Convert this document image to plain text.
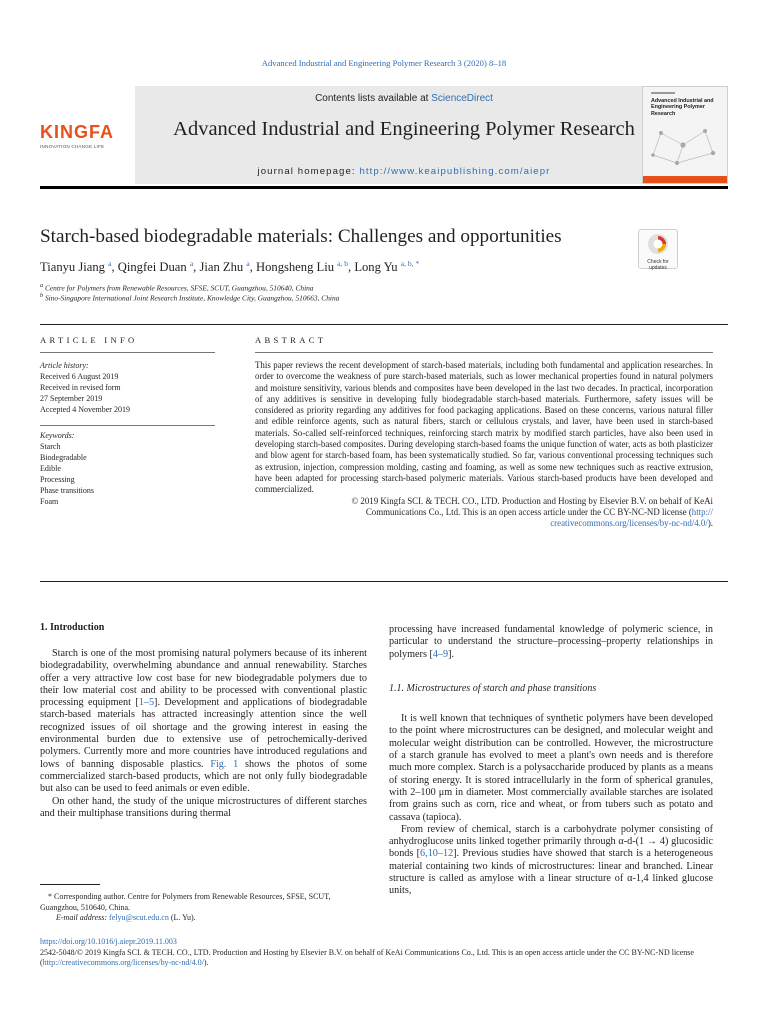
Advanced Industrial and Engineering Polymer Research 3 (2020) 8–18
KINGFA
INNOVATION CHANGE LIFE
Contents lists available at ScienceDirect
Advanced Industrial and Engineering Polymer Research
journal homepage: http://www.keaipublishing.com/aiepr
Advanced Industrial and Engineering Polymer Research
Starch-based biodegradable materials: Challenges and opportunities
Check for updates
Tianyu Jiang $^a$, Qingfei Duan $^a$, Jian Zhu $^a$, Hongsheng Liu $^{a, b}$, Long Yu $^{a, b, *}$
$^a$ Centre for Polymers from Renewable Resources, SFSE, SCUT, Guangzhou, 510640, China
$^b$ Sino-Singapore International Joint Research Institute, Knowledge City, Guangzhou, 510663, China
ARTICLE INFO	ABSTRACT
Article history:
Received 6 August 2019
Received in revised form
27 September 2019
Accepted 4 November 2019
Keywords:
Starch
Biodegradable
Edible
Processing
Phase transitions
Foam

This paper reviews the recent development of starch-based materials, including both fundamental and application researches. In order to overcome the weakness of pure starch-based materials, such as lower mechanical properties found in natural polymers and moisture sensitivity, various blends and composites have been developed in the last two decades. In practical, incorporation of any additives is sensitive in developing fully biodegradable starch-based materials. Furthermore, safety issues will be considered as priority regarding any additives for food packaging applications. Based on these concerns, various natural filler and edible reinforce agents, such as natural fibers, starch or cellulous crystals, and laver, have been used in starch-based materials. So-called self-reinforced techniques, reinforcing starch matrix by modified starch particles, have also been used in developing starch-based composites. During developing starch-based foams the unique function of water, acts as both plasticizer and blow agent for starch-based foam, has been systematically studied. So far, various conventional processing techniques such as extrusion, injection, compression molding, casting and foaming, as well as some new techniques such as reactive extrusion, have been adapted for processing starch-based polymeric materials. Various starch-based products have been developed and commercialized.

© 2019 Kingfa SCI. & TECH. CO., LTD. Production and Hosting by Elsevier B.V. on behalf of KeAi

Communications Co., Ltd. This is an open access article under the CC BY-NC-ND license (http://

creativecommons.org/licenses/by-nc-nd/4.0/).

1. Introduction

Starch is one of the most promising natural polymers because of its inherent biodegradability, overwhelming abundance and annual renewability. Starches offer a very attractive low cost base for new biodegradable polymers due to their low material cost and ability to be processed with conventional plastic processing equipment [1–5]. Development and applications of biodegradable starch-based materials has attracted increasingly attention since the well recognized issues of oil shortage and the growing interest in easing the environmental burden due to extensive use of petrochemically-derived polymers. Currently more and more countries have introduced regulations and lows of banning disposable plastics. Fig. 1 shows the photos of some commercialized starch-based products, which are not only fully biodegradable but also can be used to feed animals or even edible.

On other hand, the study of the unique microstructures of different starches and their multiphase transitions during thermal

processing have increased fundamental knowledge of polymeric science, in particular to understand the structure–processing–property relationships in polymers [4–9].

1.1. Microstructures of starch and phase transitions

It is well known that techniques of synthetic polymers have been developed to the point where microstructures can be designed, and molecular weight and molecular weight distribution can be controlled. However, the microstructure of a starch granule has evolved to meet a plant's own needs and is therefore much more complex. Starch is a polysaccharide produced by plants as a means of storing energy. It is stored intracellularly in the form of spherical granules, with 2–100 μm in diameter. Most commercially available starches are isolated from grains such as corn, rice and wheat, or from tubers such as potato and cassava (tapioca).

From review of chemical, starch is a carbohydrate polymer consisting of anhydroglucose units linked together primarily through α-d-(1 → 4) glucosidic bonds [6,10–12]. Previous studies have showed that starch is a heterogeneous material containing two kinds of microstructures: linear and branched. Linear structure is called as amylose with a linear structure of α-1,4 linked glucose units,

* Corresponding author. Centre for Polymers from Renewable Resources, SFSE, SCUT, Guangzhou, 510640, China.

E-mail address: felyu@scut.edu.cn (L. Yu).

https://doi.org/10.1016/j.aiepr.2019.11.003

2542-5048/© 2019 Kingfa SCI. & TECH. CO., LTD. Production and Hosting by Elsevier B.V. on behalf of KeAi Communications Co., Ltd. This is an open access article under the CC BY-NC-ND license (http://creativecommons.org/licenses/by-nc-nd/4.0/).
